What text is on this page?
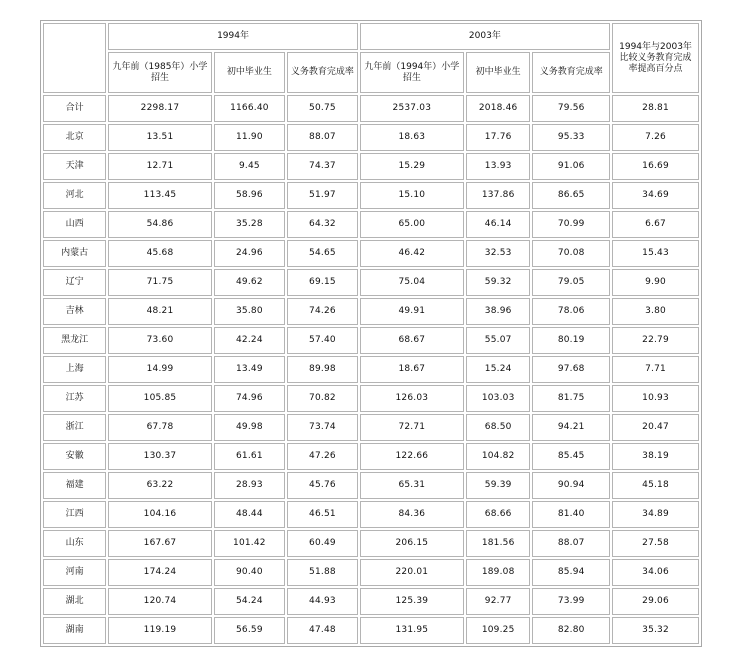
	1994年			2003年			1994年与2003年比较义务教育完成率提高百分点
	九年前（1985年）小学招生	初中毕业生	义务教育完成率	九年前（1994年）小学招生	初中毕业生	义务教育完成率	
合计	2298.17	1166.40	50.75	2537.03	2018.46	79.56	28.81
北京	13.51	11.90	88.07	18.63	17.76	95.33	7.26
天津	12.71	9.45	74.37	15.29	13.93	91.06	16.69
河北	113.45	58.96	51.97	15.10	137.86	86.65	34.69
山西	54.86	35.28	64.32	65.00	46.14	70.99	6.67
内蒙古	45.68	24.96	54.65	46.42	32.53	70.08	15.43
辽宁	71.75	49.62	69.15	75.04	59.32	79.05	9.90
吉林	48.21	35.80	74.26	49.91	38.96	78.06	3.80
黑龙江	73.60	42.24	57.40	68.67	55.07	80.19	22.79
上海	14.99	13.49	89.98	18.67	15.24	97.68	7.71
江苏	105.85	74.96	70.82	126.03	103.03	81.75	10.93
浙江	67.78	49.98	73.74	72.71	68.50	94.21	20.47
安徽	130.37	61.61	47.26	122.66	104.82	85.45	38.19
福建	63.22	28.93	45.76	65.31	59.39	90.94	45.18
江西	104.16	48.44	46.51	84.36	68.66	81.40	34.89
山东	167.67	101.42	60.49	206.15	181.56	88.07	27.58
河南	174.24	90.40	51.88	220.01	189.08	85.94	34.06
湖北	120.74	54.24	44.93	125.39	92.77	73.99	29.06
湖南	119.19	56.59	47.48	131.95	109.25	82.80	35.32
